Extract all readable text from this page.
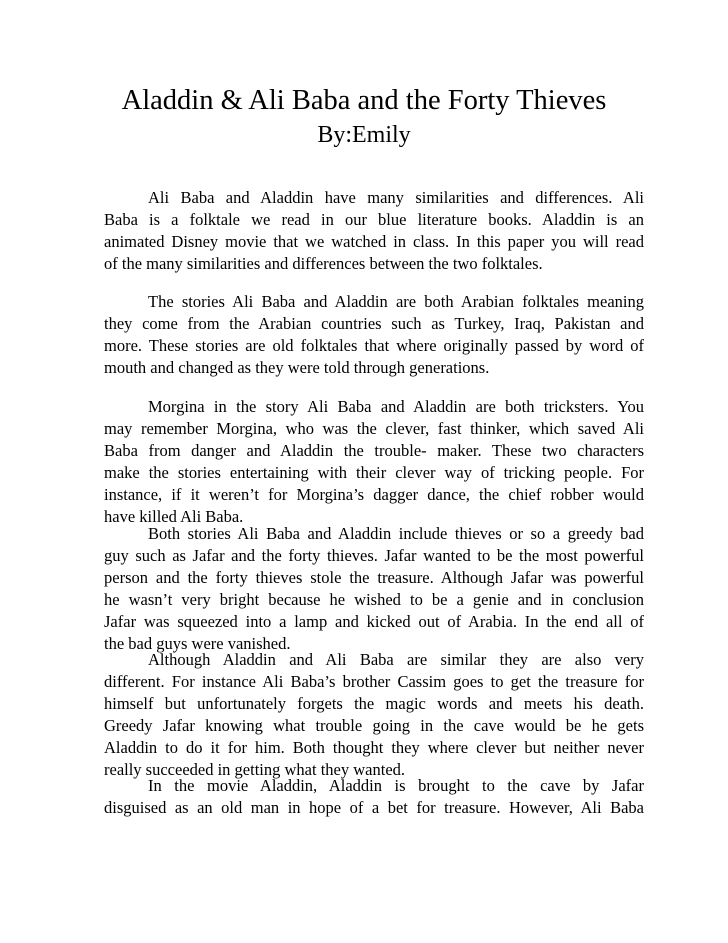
Aladdin & Ali Baba and the Forty Thieves
By:Emily
Ali Baba and Aladdin have many similarities and differences. Ali
Baba is a folktale we read in our blue literature books. Aladdin is an
animated Disney movie that we watched in class. In this paper you will read
of the many similarities and differences between the two folktales.
The stories Ali Baba and Aladdin are both Arabian folktales meaning
they come from the Arabian countries such as Turkey, Iraq, Pakistan and
more. These stories are old folktales that where originally passed by word of
mouth and changed as they were told through generations.
Morgina in the story Ali Baba and Aladdin are both tricksters. You
may remember Morgina, who was the clever, fast thinker, which saved Ali
Baba from danger and Aladdin the trouble- maker. These two characters
make the stories entertaining with their clever way of tricking people. For
instance, if it weren’t for Morgina’s dagger dance, the chief robber would
have killed Ali Baba.
Both stories Ali Baba and Aladdin include thieves or so a greedy bad
guy such as Jafar and the forty thieves. Jafar wanted to be the most powerful
person and the forty thieves stole the treasure. Although Jafar was powerful
he wasn’t very bright because he wished to be a genie and in conclusion
Jafar was squeezed into a lamp and kicked out of Arabia. In the end all of
the bad guys were vanished.
Although Aladdin and Ali Baba are similar they are also very
different. For instance Ali Baba’s brother Cassim goes to get the treasure for
himself but unfortunately forgets the magic words and meets his death.
Greedy Jafar knowing what trouble going in the cave would be he gets
Aladdin to do it for him. Both thought they where clever but neither never
really succeeded in getting what they wanted.
In the movie Aladdin, Aladdin is brought to the cave by Jafar
disguised as an old man in hope of a bet for treasure. However, Ali Baba
